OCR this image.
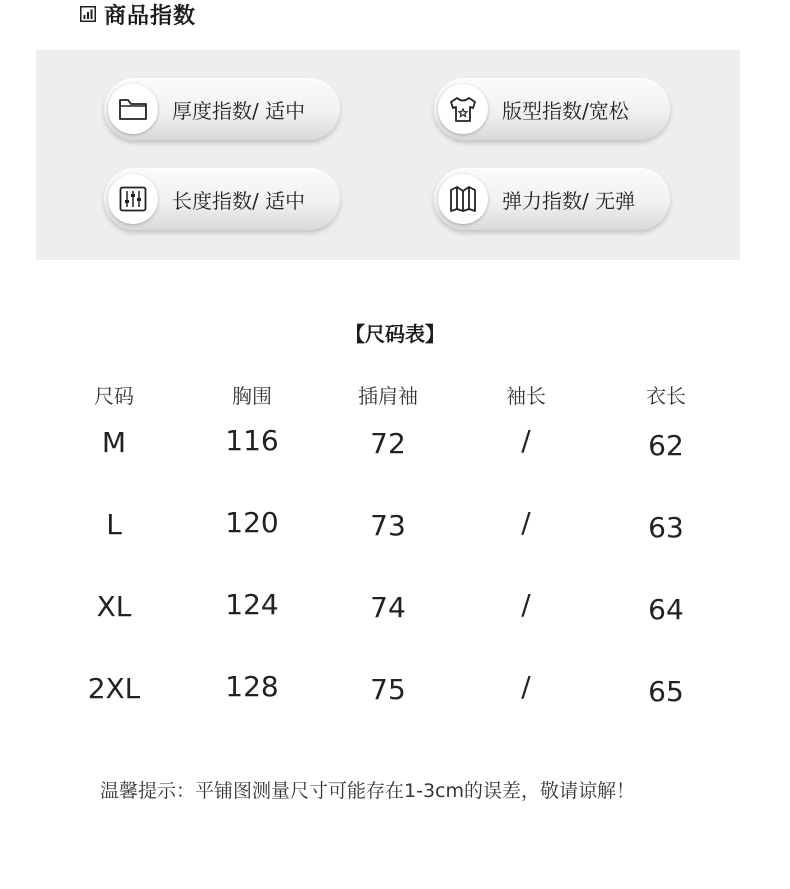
商品指数
厚度指数/ 适中	版型指数/宽松
长度指数/ 适中	弹力指数/ 无弹
【尺码表】
尺码	胸围	插肩袖	袖长	衣长
M	116	72	/	62
L	120	73	/	63
XL	124	74	/	64
2XL	128	75	/	65
温馨提示：平铺图测量尺寸可能存在1-3cm的误差，敬请谅解！
